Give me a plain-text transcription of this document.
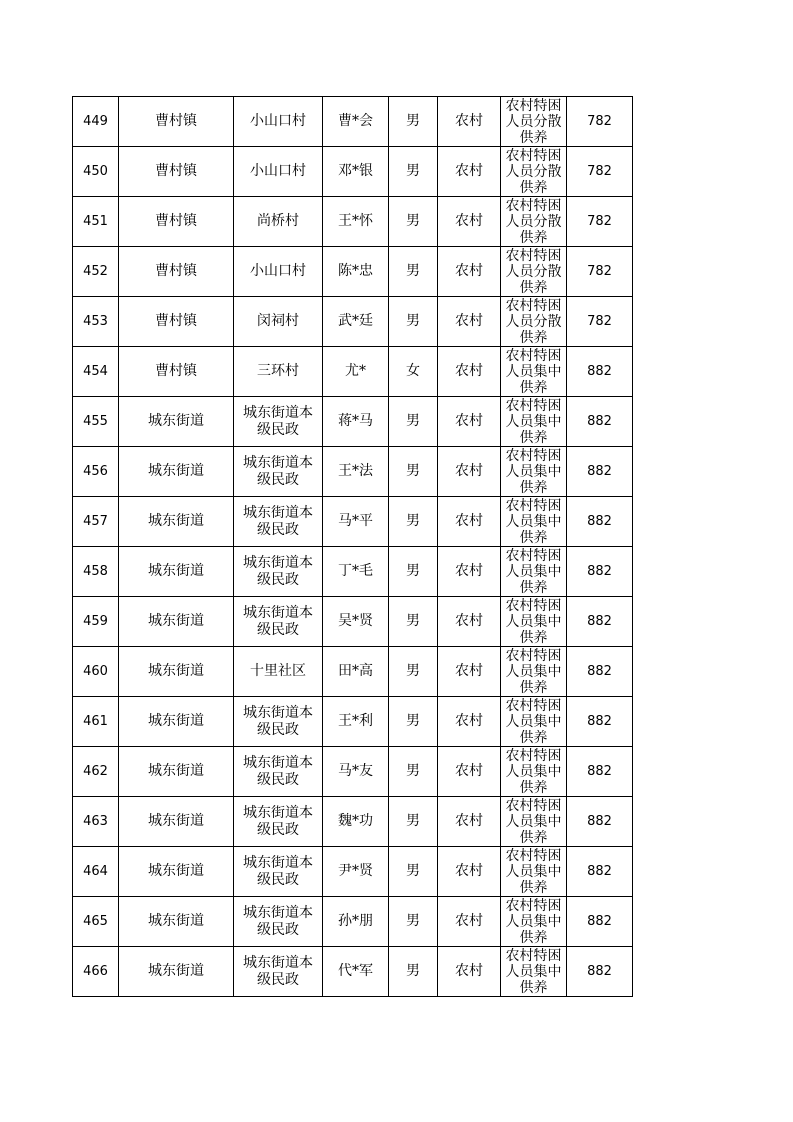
449	曹村镇	小山口村	曹*会	男	农村	农村特困人员分散供养	782
450	曹村镇	小山口村	邓*银	男	农村	农村特困人员分散供养	782
451	曹村镇	尚桥村	王*怀	男	农村	农村特困人员分散供养	782
452	曹村镇	小山口村	陈*忠	男	农村	农村特困人员分散供养	782
453	曹村镇	闵祠村	武*廷	男	农村	农村特困人员分散供养	782
454	曹村镇	三环村	尤*	女	农村	农村特困人员集中供养	882
455	城东街道	城东街道本级民政	蒋*马	男	农村	农村特困人员集中供养	882
456	城东街道	城东街道本级民政	王*法	男	农村	农村特困人员集中供养	882
457	城东街道	城东街道本级民政	马*平	男	农村	农村特困人员集中供养	882
458	城东街道	城东街道本级民政	丁*毛	男	农村	农村特困人员集中供养	882
459	城东街道	城东街道本级民政	吴*贤	男	农村	农村特困人员集中供养	882
460	城东街道	十里社区	田*高	男	农村	农村特困人员集中供养	882
461	城东街道	城东街道本级民政	王*利	男	农村	农村特困人员集中供养	882
462	城东街道	城东街道本级民政	马*友	男	农村	农村特困人员集中供养	882
463	城东街道	城东街道本级民政	魏*功	男	农村	农村特困人员集中供养	882
464	城东街道	城东街道本级民政	尹*贤	男	农村	农村特困人员集中供养	882
465	城东街道	城东街道本级民政	孙*朋	男	农村	农村特困人员集中供养	882
466	城东街道	城东街道本级民政	代*军	男	农村	农村特困人员集中供养	882
